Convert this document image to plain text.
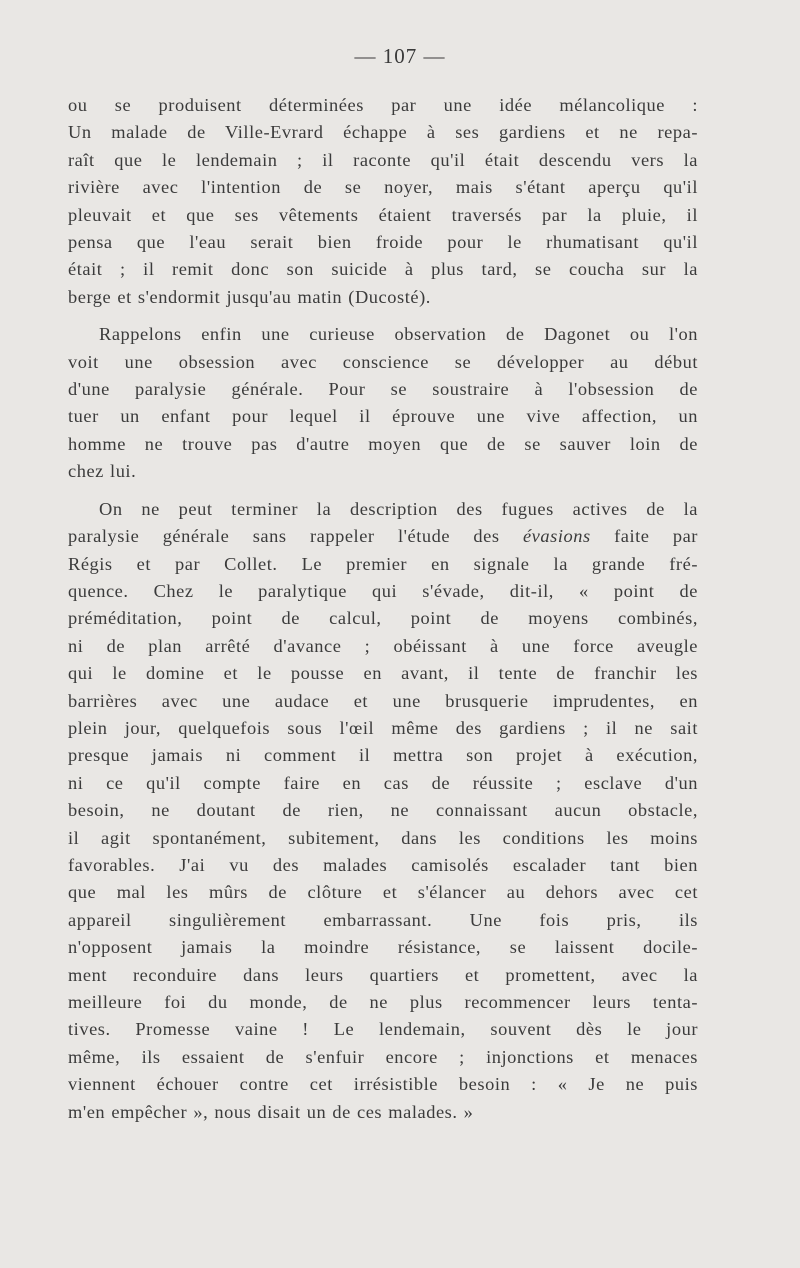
— 107 —
ou se produisent déterminées par une idée mélancolique :
Un malade de Ville-Evrard échappe à ses gardiens et ne repa-
raît que le lendemain ; il raconte qu'il était descendu vers la
rivière avec l'intention de se noyer, mais s'étant aperçu qu'il
pleuvait et que ses vêtements étaient traversés par la pluie, il
pensa que l'eau serait bien froide pour le rhumatisant qu'il
était ; il remit donc son suicide à plus tard, se coucha sur la
berge et s'endormit jusqu'au matin (Ducosté).
Rappelons enfin une curieuse observation de Dagonet ou l'on
voit une obsession avec conscience se développer au début
d'une paralysie générale. Pour se soustraire à l'obsession de
tuer un enfant pour lequel il éprouve une vive affection, un
homme ne trouve pas d'autre moyen que de se sauver loin de
chez lui.
On ne peut terminer la description des fugues actives de la
paralysie générale sans rappeler l'étude des évasions faite par
Régis et par Collet. Le premier en signale la grande fré-
quence. Chez le paralytique qui s'évade, dit-il, « point de
préméditation, point de calcul, point de moyens combinés,
ni de plan arrêté d'avance ; obéissant à une force aveugle
qui le domine et le pousse en avant, il tente de franchir les
barrières avec une audace et une brusquerie imprudentes, en
plein jour, quelquefois sous l'œil même des gardiens ; il ne sait
presque jamais ni comment il mettra son projet à exécution,
ni ce qu'il compte faire en cas de réussite ; esclave d'un
besoin, ne doutant de rien, ne connaissant aucun obstacle,
il agit spontanément, subitement, dans les conditions les moins
favorables. J'ai vu des malades camisolés escalader tant bien
que mal les mûrs de clôture et s'élancer au dehors avec cet
appareil singulièrement embarrassant. Une fois pris, ils
n'opposent jamais la moindre résistance, se laissent docile-
ment reconduire dans leurs quartiers et promettent, avec la
meilleure foi du monde, de ne plus recommencer leurs tenta-
tives. Promesse vaine ! Le lendemain, souvent dès le jour
même, ils essaient de s'enfuir encore ; injonctions et menaces
viennent échouer contre cet irrésistible besoin : « Je ne puis
m'en empêcher », nous disait un de ces malades. »
